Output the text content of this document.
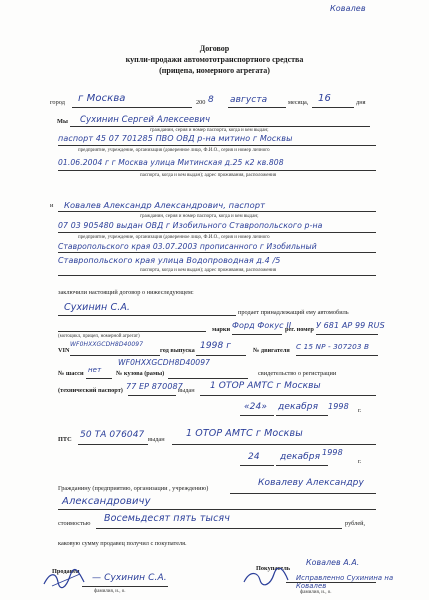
Ковалев
Договор
купли-продажи автомототранспортного средства
(прицепа, номерного агрегата)
город г Москва	200 8 августа	месяца, 16	дня
Мы Сухинин Сергей Алексеевич
гражданин, серия и номер паспорта, когда и кем выдан;
паспорт 45 07 701285 ПВО ОВД р-на митино г Москвы
предприятие, учреждение, организация (доверенное лицо, Ф.И.О., серия и номер личного
01.06.2004 г г Москва улица Митинская д.25 к2 кв.808
паспорта, когда и кем выдан); адрес проживания, расположения
и Ковалев Александр Александрович, паспорт
гражданин, серия и номер паспорта, когда и кем выдан;
07 03 905480 выдан ОВД г Изобильного Ставропольского р-на
предприятие, учреждение, организация (доверенное лицо, Ф.И.О., серия и номер личного
Ставропольского края 03.07.2003 прописанного г Изобильный
Ставропольского края улица Водопроводная д.4 /5
паспорта, когда и кем выдан); адрес проживания, расположения
заключили настоящий договор о нижеследующем:
Сухинин С.А.	продает принадлежащий ему автомобиль
(мотоцикл, прицеп, номерной агрегат)
марки Форд Фокус II
рег. номер У 681 АР 99 RUS
VIN
WF0HXXGCDH8D40097
год выпуска 1998 г	№ двигателя C 15 NP - 307203 B
№ шасси нет № кузова (рамы)
WF0HXXGCDH8D40097
свидетельство о регистрации
(технический паспорт) 77 ЕР 870087
выдан 1 ОТОР АМТС г Москвы
«24» декабря 1998 г.
ПТС 50 ТА 076047 выдан
1 ОТОР АМТС г Москвы
24 декабря 1998
г.
Гражданину (предприятию, организации , учреждению)
Ковалеву Александру
Александровичу
стоимостью Восемьдесят пять тысяч	рублей,
каковую сумму продавец получил с покупателя.
Продавец
— Сухинин С.А.
фамилия, и., о.
Покупатель
Ковалев А.А.
Исправленно Сухинина на Ковалев
фамилия, и., о.
